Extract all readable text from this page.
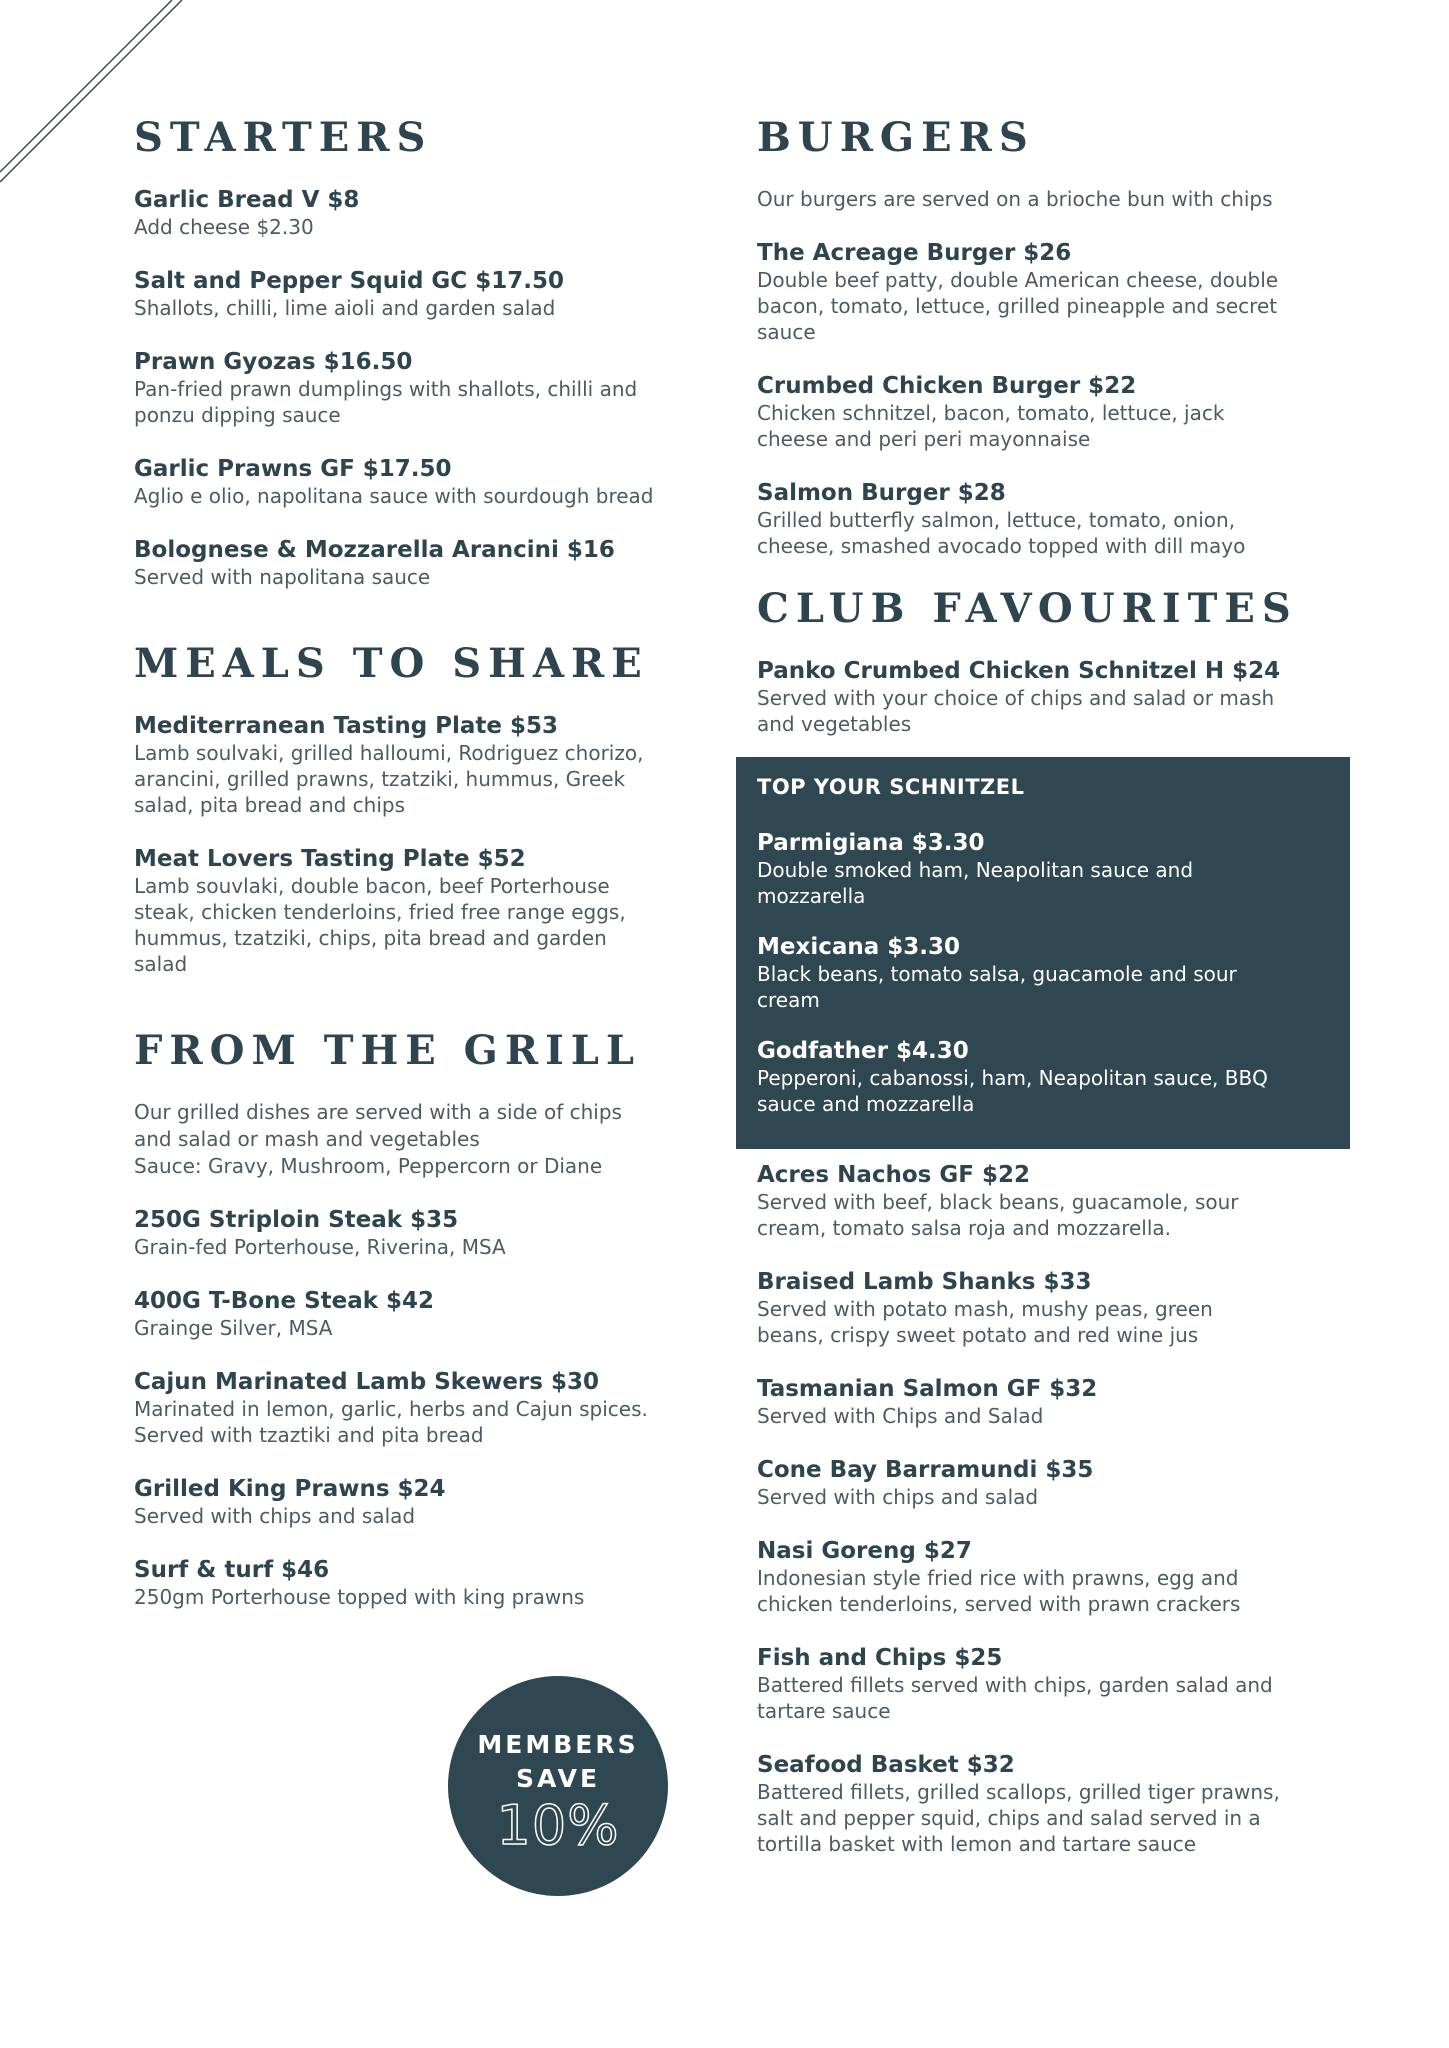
STARTERS
Garlic Bread V $8
Add cheese $2.30
Salt and Pepper Squid GC $17.50
Shallots, chilli, lime aioli and garden salad
Prawn Gyozas $16.50
Pan-fried prawn dumplings with shallots, chilli and
ponzu dipping sauce
Garlic Prawns GF $17.50
Aglio e olio, napolitana sauce with sourdough bread
Bolognese & Mozzarella Arancini $16
Served with napolitana sauce
MEALS TO SHARE
Mediterranean Tasting Plate $53
Lamb soulvaki, grilled halloumi, Rodriguez chorizo,
arancini, grilled prawns, tzatziki, hummus, Greek
salad, pita bread and chips
Meat Lovers Tasting Plate $52
Lamb souvlaki, double bacon, beef Porterhouse
steak, chicken tenderloins, fried free range eggs,
hummus, tzatziki, chips, pita bread and garden
salad
FROM THE GRILL
Our grilled dishes are served with a side of chips
and salad or mash and vegetables
Sauce: Gravy, Mushroom, Peppercorn or Diane
250G Striploin Steak $35
Grain-fed Porterhouse, Riverina, MSA
400G T-Bone Steak $42
Grainge Silver, MSA
Cajun Marinated Lamb Skewers $30
Marinated in lemon, garlic, herbs and Cajun spices.
Served with tzaztiki and pita bread
Grilled King Prawns $24
Served with chips and salad
Surf & turf $46
250gm Porterhouse topped with king prawns
MEMBERS
SAVE
10%
BURGERS
Our burgers are served on a brioche bun with chips
The Acreage Burger $26
Double beef patty, double American cheese, double
bacon, tomato, lettuce, grilled pineapple and secret
sauce
Crumbed Chicken Burger $22
Chicken schnitzel, bacon, tomato, lettuce, jack
cheese and peri peri mayonnaise
Salmon Burger $28
Grilled butterfly salmon, lettuce, tomato, onion,
cheese, smashed avocado topped with dill mayo
CLUB FAVOURITES
Panko Crumbed Chicken Schnitzel H $24
Served with your choice of chips and salad or mash
and vegetables
TOP YOUR SCHNITZEL
Parmigiana $3.30
Double smoked ham, Neapolitan sauce and
mozzarella
Mexicana $3.30
Black beans, tomato salsa, guacamole and sour
cream
Godfather $4.30
Pepperoni, cabanossi, ham, Neapolitan sauce, BBQ
sauce and mozzarella
Acres Nachos GF $22
Served with beef, black beans, guacamole, sour
cream, tomato salsa roja and mozzarella.
Braised Lamb Shanks $33
Served with potato mash, mushy peas, green
beans, crispy sweet potato and red wine jus
Tasmanian Salmon GF $32
Served with Chips and Salad
Cone Bay Barramundi $35
Served with chips and salad
Nasi Goreng $27
Indonesian style fried rice with prawns, egg and
chicken tenderloins, served with prawn crackers
Fish and Chips $25
Battered fillets served with chips, garden salad and
tartare sauce
Seafood Basket $32
Battered fillets, grilled scallops, grilled tiger prawns,
salt and pepper squid, chips and salad served in a
tortilla basket with lemon and tartare sauce
